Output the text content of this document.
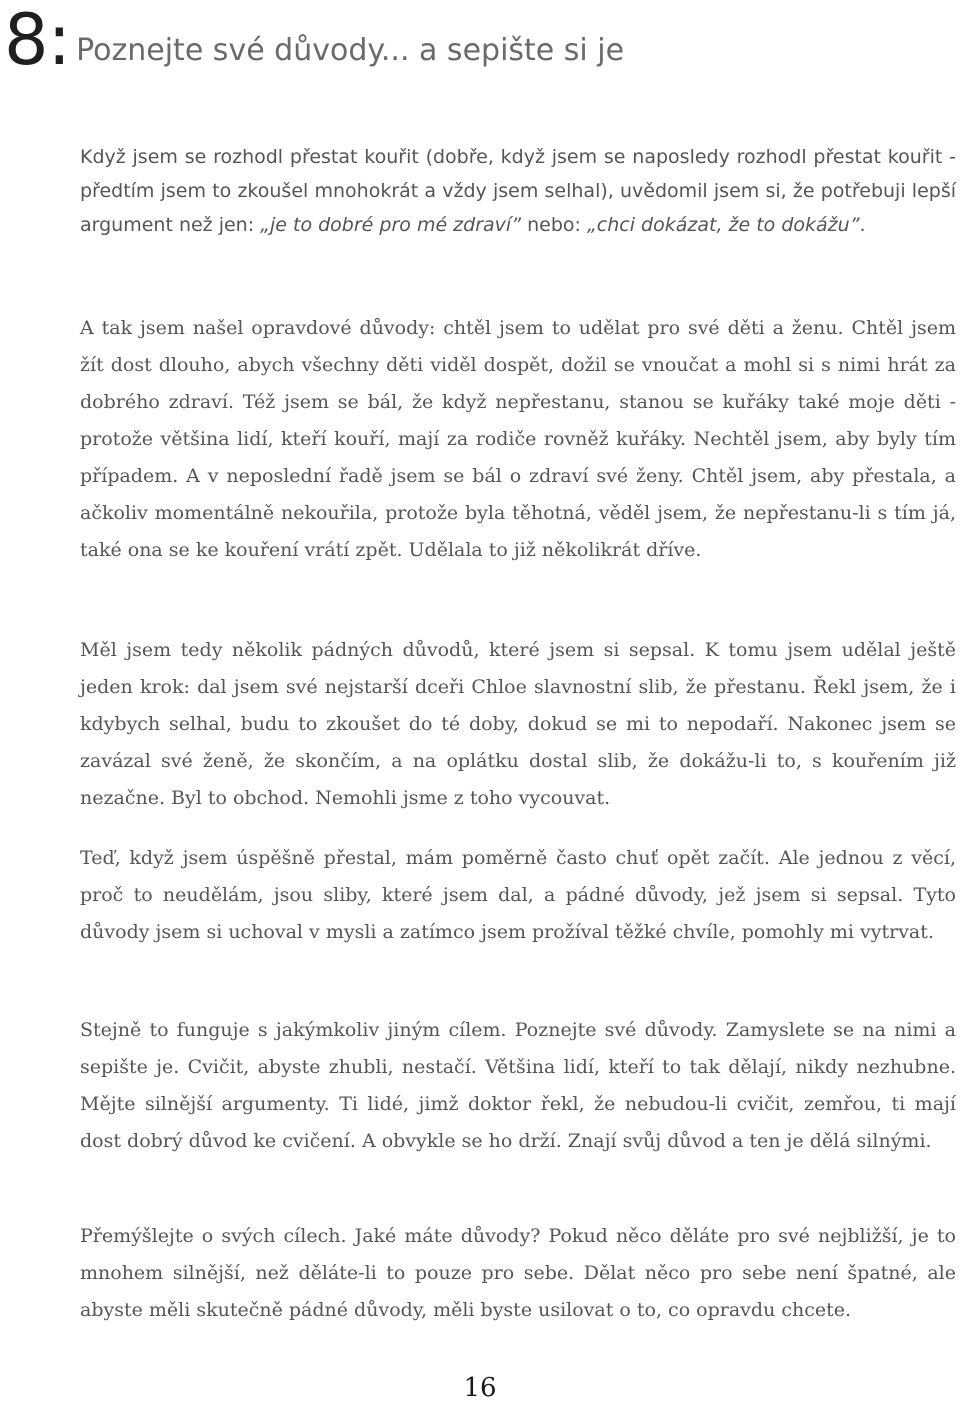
8: Poznejte své důvody... a sepište si je

Když jsem se rozhodl přestat kouřit (dobře, když jsem se naposledy rozhodl přestat kouřit - předtím jsem to zkoušel mnohokrát a vždy jsem selhal), uvědomil jsem si, že potřebuji lepší argument než jen: „je to dobré pro mé zdraví” nebo: „chci dokázat, že to dokážu”.

A tak jsem našel opravdové důvody: chtěl jsem to udělat pro své děti a ženu. Chtěl jsem žít dost dlouho, abych všechny děti viděl dospět, dožil se vnoučat a mohl si s nimi hrát za dobrého zdraví. Též jsem se bál, že když nepřestanu, stanou se kuřáky také moje děti - protože většina lidí, kteří kouří, mají za rodiče rovněž kuřáky. Nechtěl jsem, aby byly tím případem. A v neposlední řadě jsem se bál o zdraví své ženy. Chtěl jsem, aby přestala, a ačkoliv momentálně nekouřila, protože byla těhotná, věděl jsem, že nepřestanu-li s tím já, také ona se ke kouření vrátí zpět. Udělala to již několikrát dříve.

Měl jsem tedy několik pádných důvodů, které jsem si sepsal. K tomu jsem udělal ještě jeden krok: dal jsem své nejstarší dceři Chloe slavnostní slib, že přestanu. Řekl jsem, že i kdybych selhal, budu to zkoušet do té doby, dokud se mi to nepodaří. Nakonec jsem se zavázal své ženě, že skončím, a na oplátku dostal slib, že dokážu-li to, s kouřením již nezačne. Byl to obchod. Nemohli jsme z toho vycouvat.

Teď, když jsem úspěšně přestal, mám poměrně často chuť opět začít. Ale jednou z věcí, proč to neudělám, jsou sliby, které jsem dal, a pádné důvody, jež jsem si sepsal. Tyto důvody jsem si uchoval v mysli a zatímco jsem prožíval těžké chvíle, pomohly mi vytrvat.

Stejně to funguje s jakýmkoliv jiným cílem. Poznejte své důvody. Zamyslete se na nimi a sepište je. Cvičit, abyste zhubli, nestačí. Většina lidí, kteří to tak dělají, nikdy nezhubne. Mějte silnější argumenty. Ti lidé, jimž doktor řekl, že nebudou-li cvičit, zemřou, ti mají dost dobrý důvod ke cvičení. A obvykle se ho drží. Znají svůj důvod a ten je dělá silnými.

Přemýšlejte o svých cílech. Jaké máte důvody? Pokud něco děláte pro své nejbližší, je to mnohem silnější, než děláte-li to pouze pro sebe. Dělat něco pro sebe není špatné, ale abyste měli skutečně pádné důvody, měli byste usilovat o to, co opravdu chcete.

16
